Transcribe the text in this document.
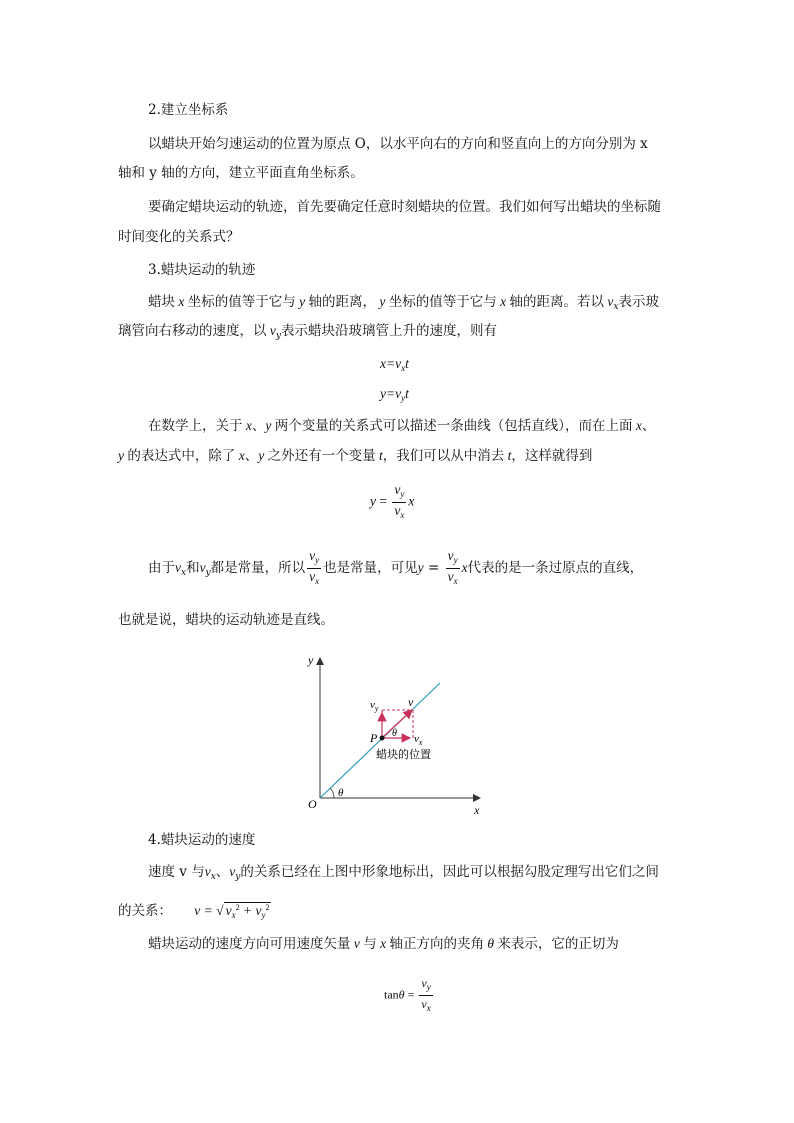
2.建立坐标系
以蜡块开始匀速运动的位置为原点 O，以水平向右的方向和竖直向上的方向分别为 x
轴和 y 轴的方向，建立平面直角坐标系。
要确定蜡块运动的轨迹，首先要确定任意时刻蜡块的位置。我们如何写出蜡块的坐标随
时间变化的关系式？
3.蜡块运动的轨迹
蜡块 x 坐标的值等于它与 y 轴的距离， y 坐标的值等于它与 x 轴的距离。若以 $v_x$表示玻
璃管向右移动的速度，以 $v_y$表示蜡块沿玻璃管上升的速度，则有
$x=v_xt$
$y=v_yt$
在数学上，关于 x、y 两个变量的关系式可以描述一条曲线（包括直线），而在上面 x、
y 的表达式中，除了 x、y 之外还有一个变量 t，我们可以从中消去 t，这样就得到
$y = \frac{v_y}{v_x}$ x
由于$v_x$和$v_y$都是常量，所以 $\frac{v_y}{v_x}$ 也是常量，可见$y = \frac{v_y}{v_x}$ x代表的是一条过原点的直线，
也就是说，蜡块的运动轨迹是直线。
y
x
O
θ
P
v
$v_y$
$v_x$
θ
蜡块的位置
4.蜡块运动的速度
速度 v 与$v_x$、$v_y$的关系已经在上图中形象地标出，因此可以根据勾股定理写出它们之间
的关系： v = √ $v_x^2 + v_y^2$
蜡块运动的速度方向可用速度矢量 v 与 x 轴正方向的夹角 θ 来表示，它的正切为
$\tan\theta = \frac{v_y}{v_x}$
